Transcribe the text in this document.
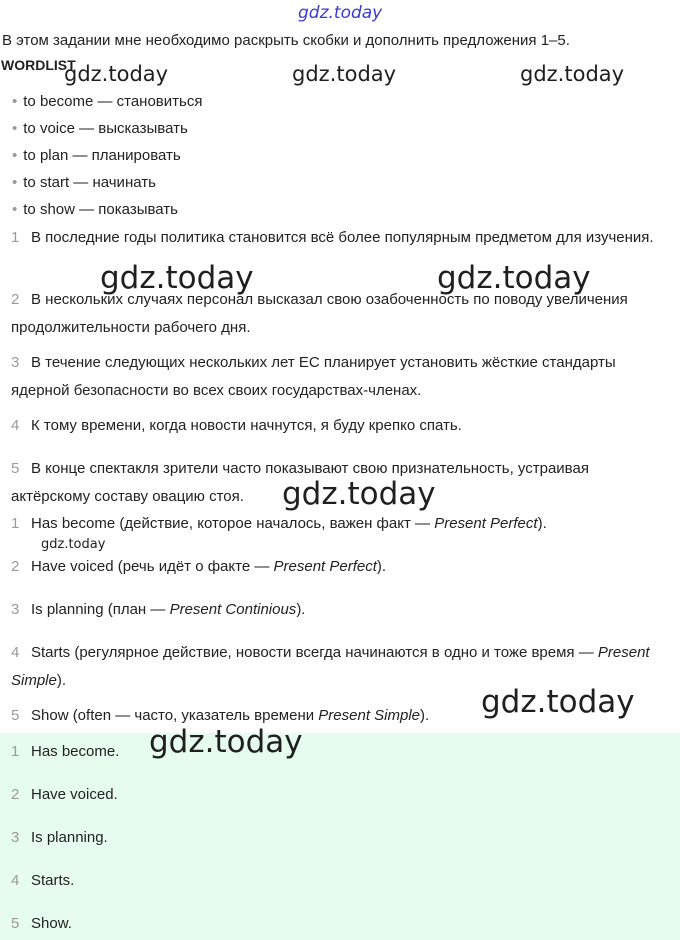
gdz.today
gdz.today	gdz.today	gdz.today
В этом задании мне необходимо раскрыть скобки и дополнить предложения 1–5.
WORDLIST
• to become — становиться
• to voice — высказывать
• to plan — планировать
• to start — начинать
• to show — показывать
1 В последние годы политика становится всё более популярным предметом для изучения.
2 В нескольких случаях персонал высказал свою озабоченность по поводу увеличения продолжительности рабочего дня.
3 В течение следующих нескольких лет ЕС планирует установить жёсткие стандарты ядерной безопасности во всех своих государствах-членах.
4 К тому времени, когда новости начнутся, я буду крепко спать.
5 В конце спектакля зрители часто показывают свою признательность, устраивая актёрскому составу овацию стоя.
gdz.today	gdz.today
gdz.today
1 Has become (действие, которое началось, важен факт — Present Perfect).
gdz.today
2 Have voiced (речь идёт о факте — Present Perfect).
3 Is planning (план — Present Continious).
4 Starts (регулярное действие, новости всегда начинаются в одно и тоже время — Present Simple).
5 Show (often — часто, указатель времени Present Simple).
1 Has become.
2 Have voiced.
3 Is planning.
4 Starts.
5 Show.
gdz.today
gdz.today
